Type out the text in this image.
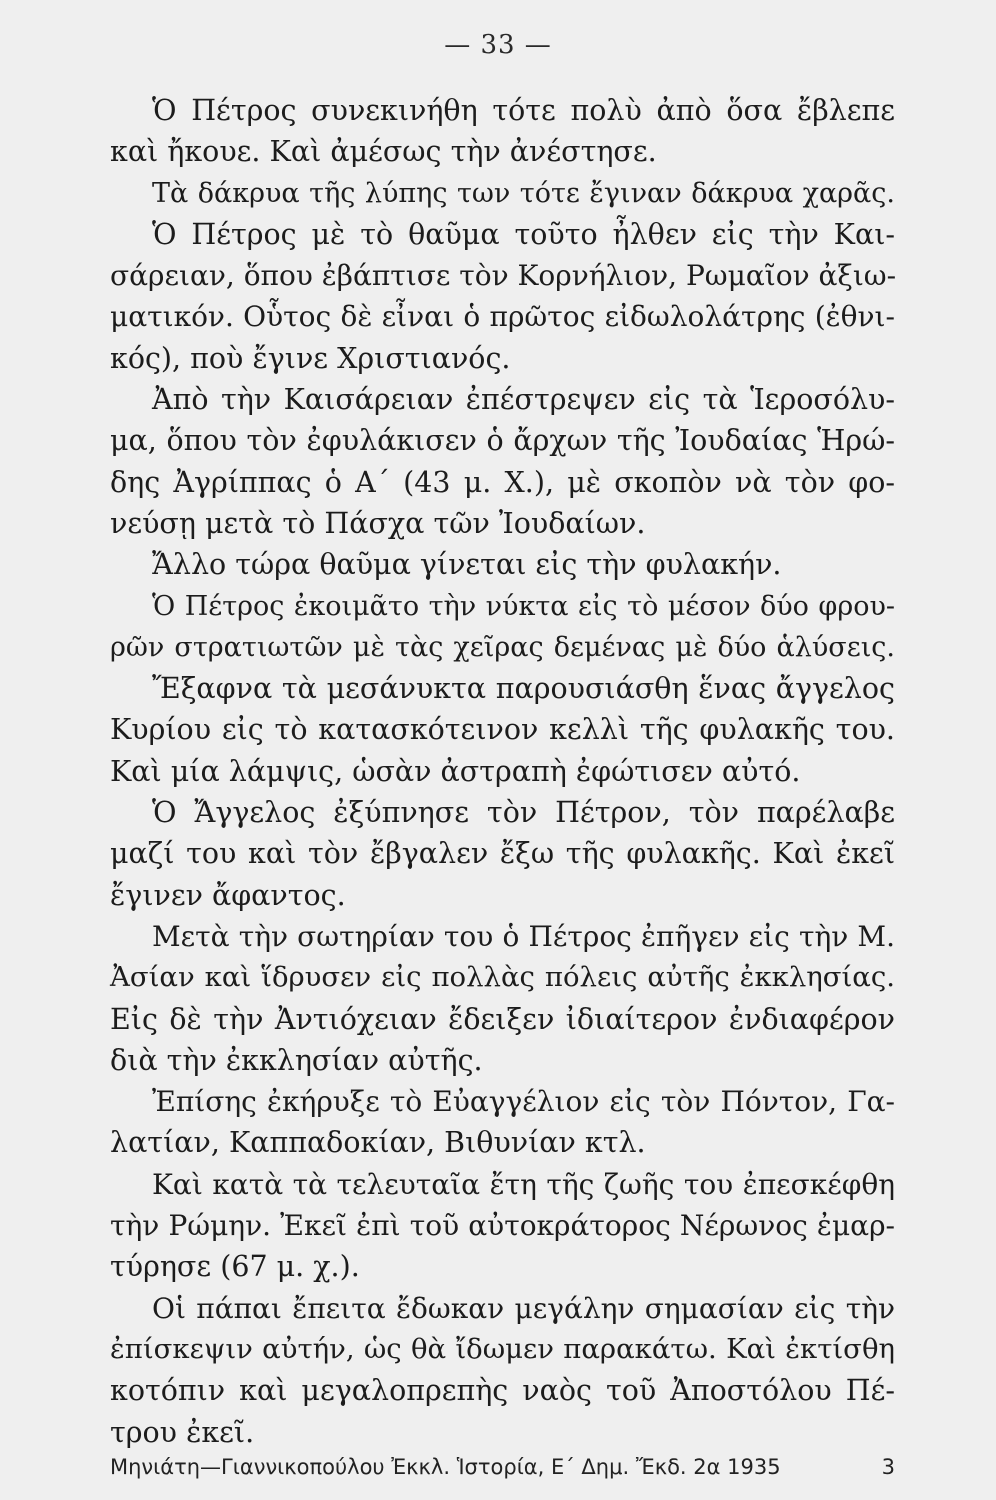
— 33 —
Ὁ Πέτρος συνεκινήθη τότε πολὺ ἀπὸ ὅσα ἔβλεπε
καὶ ἤκουε. Καὶ ἀμέσως τὴν ἀνέστησε.
Τὰ δάκρυα τῆς λύπης των τότε ἔγιναν δάκρυα χαρᾶς.
Ὁ Πέτρος μὲ τὸ θαῦμα τοῦτο ἦλθεν εἰς τὴν Και-
σάρειαν, ὅπου ἐβάπτισε τὸν Κορνήλιον, Ρωμαῖον ἀξιω-
ματικόν. Οὗτος δὲ εἶναι ὁ πρῶτος εἰδωλολάτρης (ἐθνι-
κός), ποὺ ἔγινε Χριστιανός.
Ἀπὸ τὴν Καισάρειαν ἐπέστρεψεν εἰς τὰ Ἱεροσόλυ-
μα, ὅπου τὸν ἐφυλάκισεν ὁ ἄρχων τῆς Ἰουδαίας Ἡρώ-
δης Ἀγρίππας ὁ Α΄ (43 μ. Χ.), μὲ σκοπὸν νὰ τὸν φο-
νεύσῃ μετὰ τὸ Πάσχα τῶν Ἰουδαίων.
Ἄλλο τώρα θαῦμα γίνεται εἰς τὴν φυλακήν.
Ὁ Πέτρος ἐκοιμᾶτο τὴν νύκτα εἰς τὸ μέσον δύο φρου-
ρῶν στρατιωτῶν μὲ τὰς χεῖρας δεμένας μὲ δύο ἁλύσεις.
Ἔξαφνα τὰ μεσάνυκτα παρουσιάσθη ἕνας ἄγγελος
Κυρίου εἰς τὸ κατασκότεινον κελλὶ τῆς φυλακῆς του.
Καὶ μία λάμψις, ὡσὰν ἀστραπὴ ἐφώτισεν αὐτό.
Ὁ Ἄγγελος ἐξύπνησε τὸν Πέτρον, τὸν παρέλαβε
μαζί του καὶ τὸν ἔβγαλεν ἔξω τῆς φυλακῆς. Καὶ ἐκεῖ
ἔγινεν ἄφαντος.
Μετὰ τὴν σωτηρίαν του ὁ Πέτρος ἐπῆγεν εἰς τὴν Μ.
Ἀσίαν καὶ ἵδρυσεν εἰς πολλὰς πόλεις αὐτῆς ἐκκλησίας.
Εἰς δὲ τὴν Ἀντιόχειαν ἔδειξεν ἰδιαίτερον ἐνδιαφέρον
διὰ τὴν ἐκκλησίαν αὐτῆς.
Ἐπίσης ἐκήρυξε τὸ Εὐαγγέλιον εἰς τὸν Πόντον, Γα-
λατίαν, Καππαδοκίαν, Βιθυνίαν κτλ.
Καὶ κατὰ τὰ τελευταῖα ἔτη τῆς ζωῆς του ἐπεσκέφθη
τὴν Ρώμην. Ἐκεῖ ἐπὶ τοῦ αὐτοκράτορος Νέρωνος ἐμαρ-
τύρησε (67 μ. χ.).
Οἱ πάπαι ἔπειτα ἔδωκαν μεγάλην σημασίαν εἰς τὴν
ἐπίσκεψιν αὐτήν, ὡς θὰ ἴδωμεν παρακάτω. Καὶ ἐκτίσθη
κοτόπιν καὶ μεγαλοπρεπὴς ναὸς τοῦ Ἀποστόλου Πέ-
τρου ἐκεῖ.
Μηνιάτη—Γιαννικοπούλου Ἐκκλ. Ἱστορία, Ε΄ Δημ. Ἔκδ. 2α 1935	3
